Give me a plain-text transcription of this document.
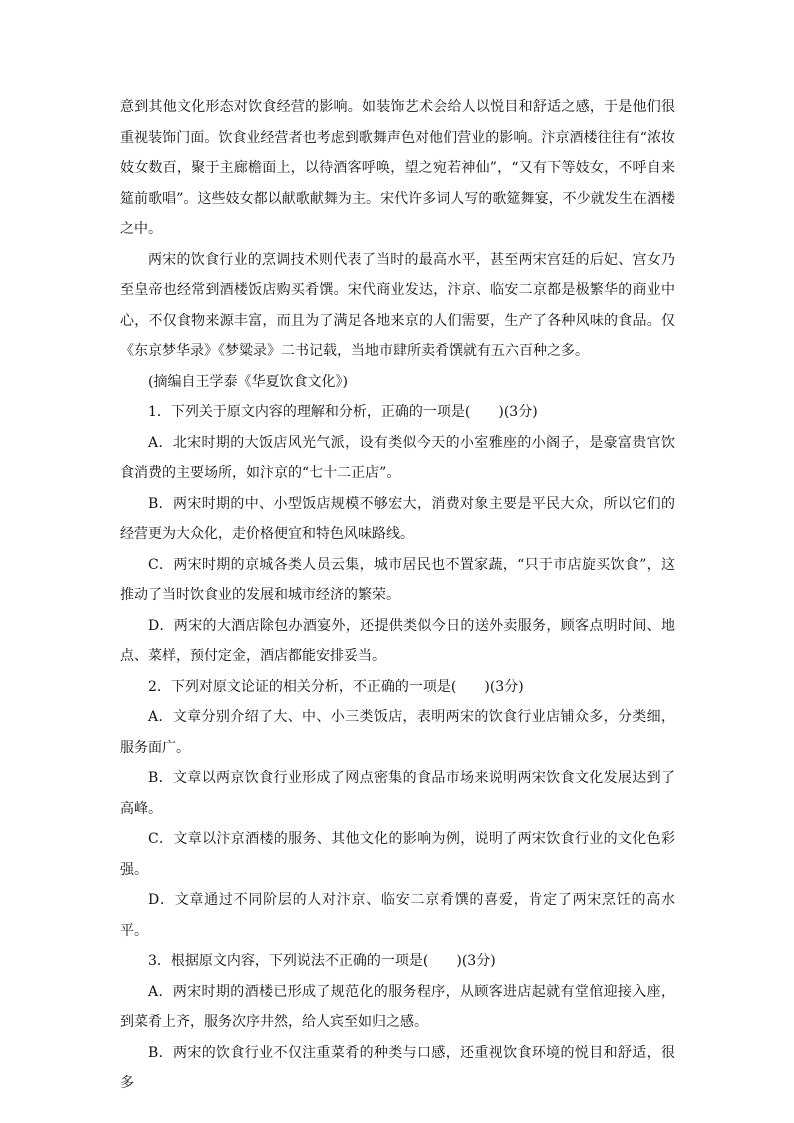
意到其他文化形态对饮食经营的影响。如装饰艺术会给人以悦目和舒适之感，于是他们很重视装饰门面。饮食业经营者也考虑到歌舞声色对他们营业的影响。汴京酒楼往往有“浓妆妓女数百，聚于主廊檐面上，以待酒客呼唤，望之宛若神仙”，“又有下等妓女，不呼自来筵前歌唱”。这些妓女都以献歌献舞为主。宋代许多词人写的歌筵舞宴，不少就发生在酒楼之中。

两宋的饮食行业的烹调技术则代表了当时的最高水平，甚至两宋宫廷的后妃、宫女乃至皇帝也经常到酒楼饭店购买肴馔。宋代商业发达，汴京、临安二京都是极繁华的商业中心，不仅食物来源丰富，而且为了满足各地来京的人们需要，生产了各种风味的食品。仅《东京梦华录》《梦粱录》二书记载，当地市肆所卖肴馔就有五六百种之多。

(摘编自王学泰《华夏饮食文化》)

1．下列关于原文内容的理解和分析，正确的一项是(　　)(3分)

A．北宋时期的大饭店风光气派，设有类似今天的小室雅座的小阁子，是豪富贵官饮食消费的主要场所，如汴京的“七十二正店”。

B．两宋时期的中、小型饭店规模不够宏大，消费对象主要是平民大众，所以它们的经营更为大众化，走价格便宜和特色风味路线。

C．两宋时期的京城各类人员云集，城市居民也不置家蔬，“只于市店旋买饮食”，这推动了当时饮食业的发展和城市经济的繁荣。

D．两宋的大酒店除包办酒宴外，还提供类似今日的送外卖服务，顾客点明时间、地点、菜样，预付定金，酒店都能安排妥当。

2．下列对原文论证的相关分析，不正确的一项是(　　)(3分)

A．文章分别介绍了大、中、小三类饭店，表明两宋的饮食行业店铺众多，分类细，服务面广。

B．文章以两京饮食行业形成了网点密集的食品市场来说明两宋饮食文化发展达到了高峰。

C．文章以汴京酒楼的服务、其他文化的影响为例，说明了两宋饮食行业的文化色彩强。

D．文章通过不同阶层的人对汴京、临安二京肴馔的喜爱，肯定了两宋烹饪的高水平。

3．根据原文内容，下列说法不正确的一项是(　　)(3分)

A．两宋时期的酒楼已形成了规范化的服务程序，从顾客进店起就有堂倌迎接入座，到菜肴上齐，服务次序井然，给人宾至如归之感。

B．两宋的饮食行业不仅注重菜肴的种类与口感，还重视饮食环境的悦目和舒适，很多
